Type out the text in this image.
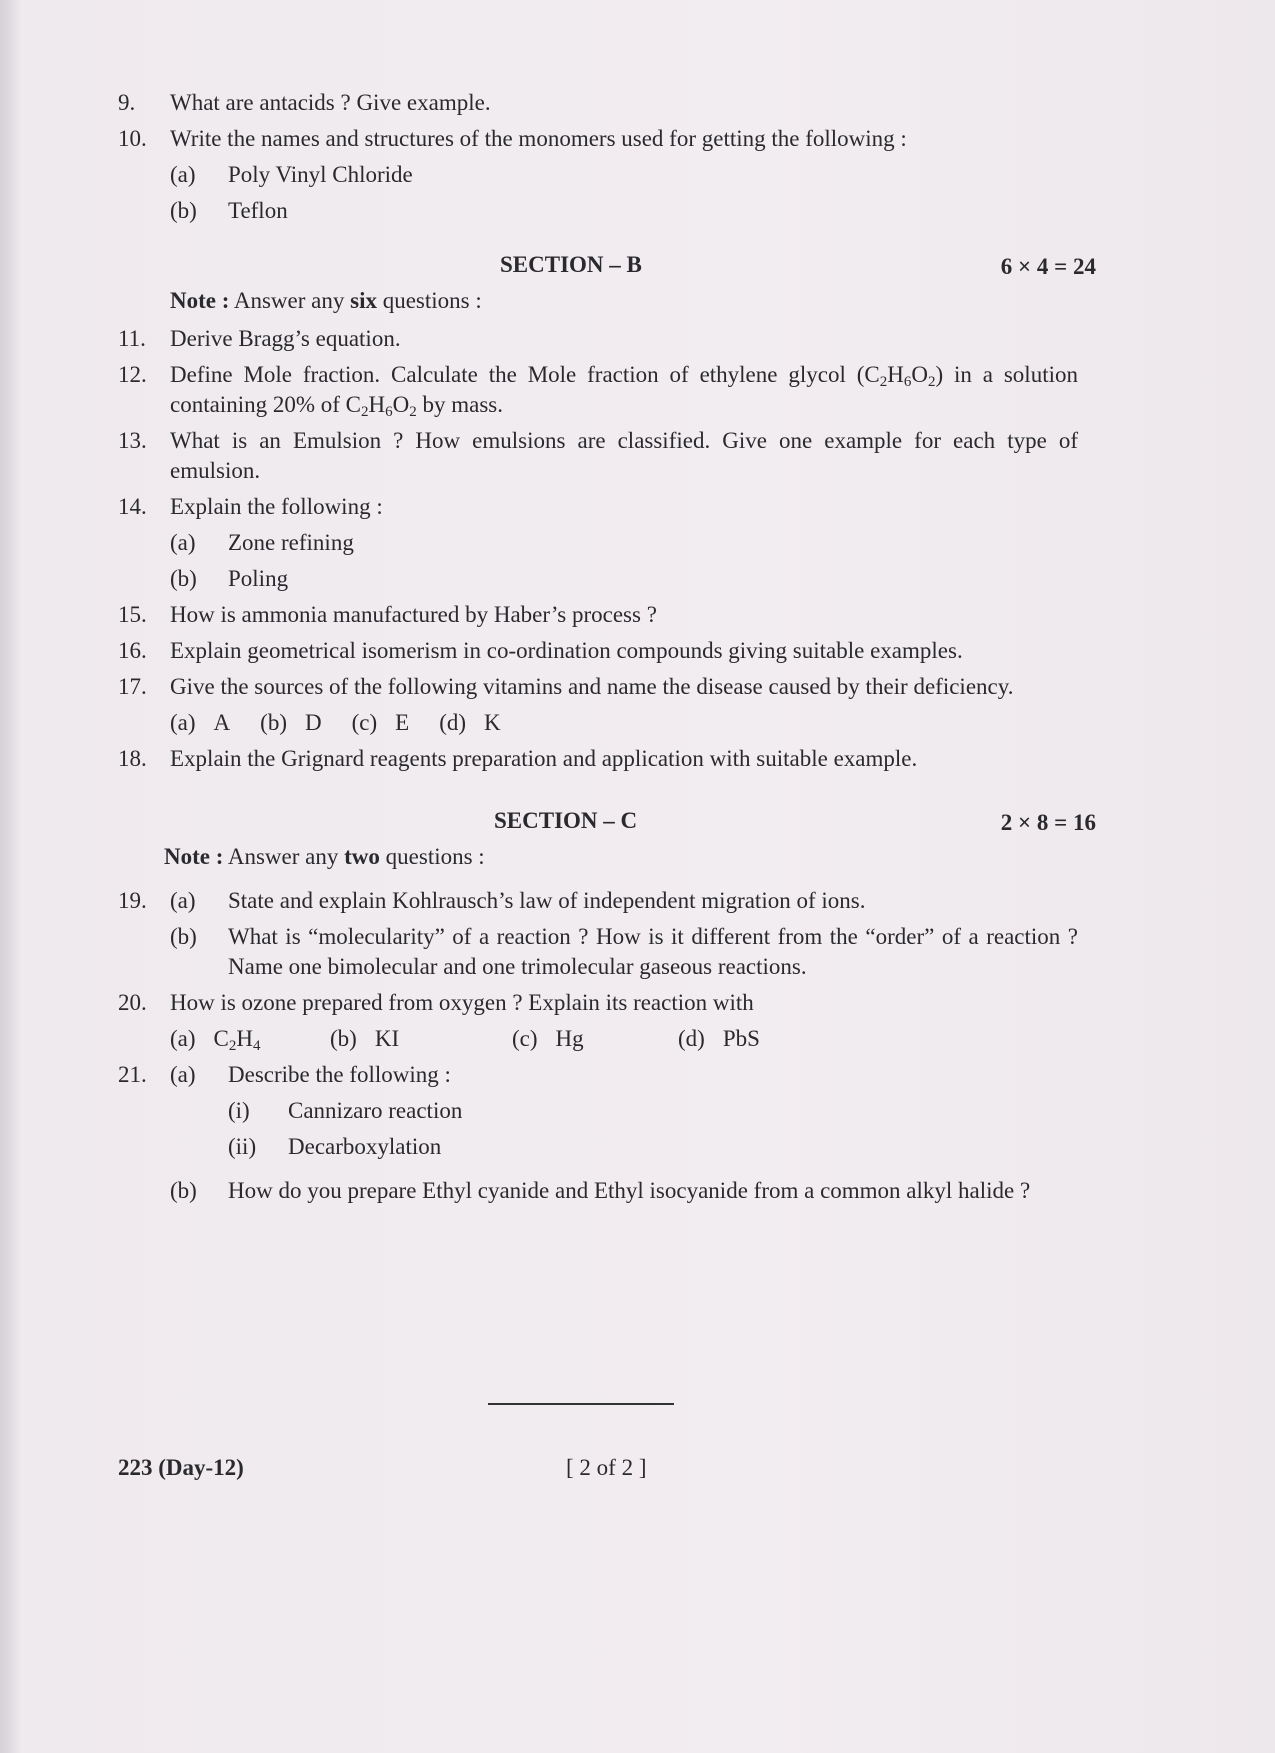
9.	What are antacids ? Give example.
10.	Write the names and structures of the monomers used for getting the following :
(a)	Poly Vinyl Chloride
(b)	Teflon
SECTION – B	6 × 4 = 24
Note : Answer any six questions :
11.	Derive Bragg’s equation.
12.	Define Mole fraction. Calculate the Mole fraction of ethylene glycol $(C_2H_6O_2)$ in a solution containing 20% of $C_2H_6O_2$ by mass.
13.	What is an Emulsion ? How emulsions are classified. Give one example for each type of emulsion.
14.	Explain the following :
(a)	Zone refining
(b)	Poling
15.	How is ammonia manufactured by Haber’s process ?
16.	Explain geometrical isomerism in co-ordination compounds giving suitable examples.
17.	Give the sources of the following vitamins and name the disease caused by their deficiency.
(a) A (b) D (c) E (d) K
18.	Explain the Grignard reagents preparation and application with suitable example.
SECTION – C	2 × 8 = 16
Note : Answer any two questions :
19.	(a)	State and explain Kohlrausch’s law of independent migration of ions.
(b)	What is “molecularity” of a reaction ? How is it different from the “order” of a reaction ? Name one bimolecular and one trimolecular gaseous reactions.
20.	How is ozone prepared from oxygen ? Explain its reaction with
(a) $C_2H_4$	(b) KI	(c) Hg	(d) PbS
21.	(a)	Describe the following :
(i)	Cannizaro reaction
(ii)	Decarboxylation
(b)	How do you prepare Ethyl cyanide and Ethyl isocyanide from a common alkyl halide ?
223 (Day-12)	[ 2 of 2 ]
